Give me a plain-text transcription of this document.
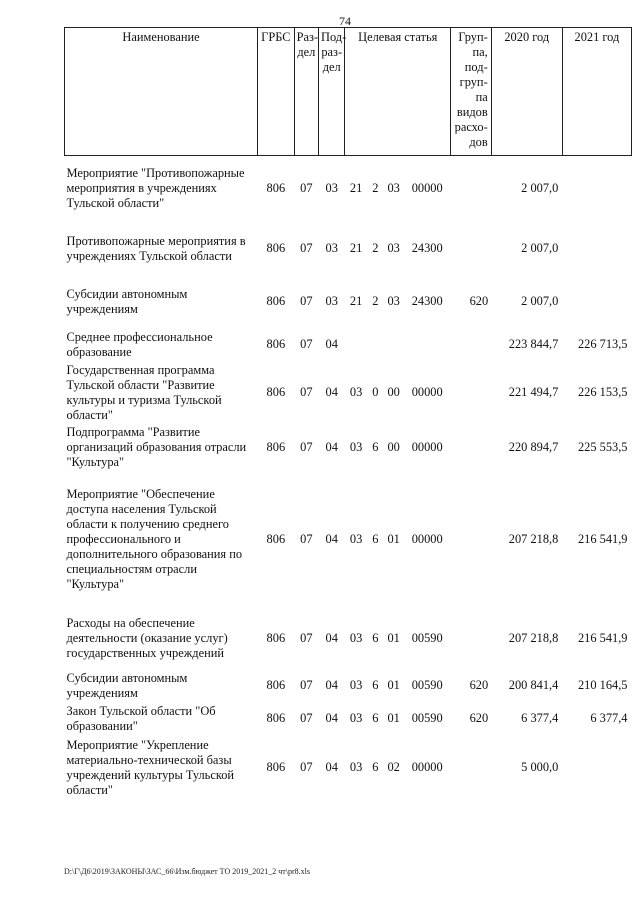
74
Наименование	ГРБС	Раз-дел	Под-раз-дел	Целевая статья				Груп-па, под-груп-па видов расхо-дов	2020 год	2021 год
Мероприятие "Противопожарные мероприятия в учреждениях Тульской области"	806	07	03	21	2	03	00000		2 007,0	
Противопожарные мероприятия в учреждениях Тульской области	806	07	03	21	2	03	24300		2 007,0	
Субсидии автономным учреждениям	806	07	03	21	2	03	24300	620	2 007,0	
Среднее профессиональное образование	806	07	04						223 844,7	226 713,5
Государственная программа Тульской области "Развитие культуры и туризма Тульской области"	806	07	04	03	0	00	00000		221 494,7	226 153,5
Подпрограмма "Развитие организаций образования отрасли "Культура"	806	07	04	03	6	00	00000		220 894,7	225 553,5
Мероприятие "Обеспечение доступа населения Тульской области к получению среднего профессионального и дополнительного образования по специальностям отрасли "Культура"	806	07	04	03	6	01	00000		207 218,8	216 541,9
Расходы на обеспечение деятельности (оказание услуг) государственных учреждений	806	07	04	03	6	01	00590		207 218,8	216 541,9
Субсидии автономным учреждениям	806	07	04	03	6	01	00590	620	200 841,4	210 164,5
Закон Тульской области "Об образовании"	806	07	04	03	6	01	00590	620	6 377,4	6 377,4
Мероприятие "Укрепление материально-технической базы учреждений культуры Тульской области"	806	07	04	03	6	02	00000		5 000,0	
D:\Г\Д6\2019\ЗАКОНЫ\ЗАС_66\Изм.бюджет ТО 2019_2021_2 чт\pr8.xls
